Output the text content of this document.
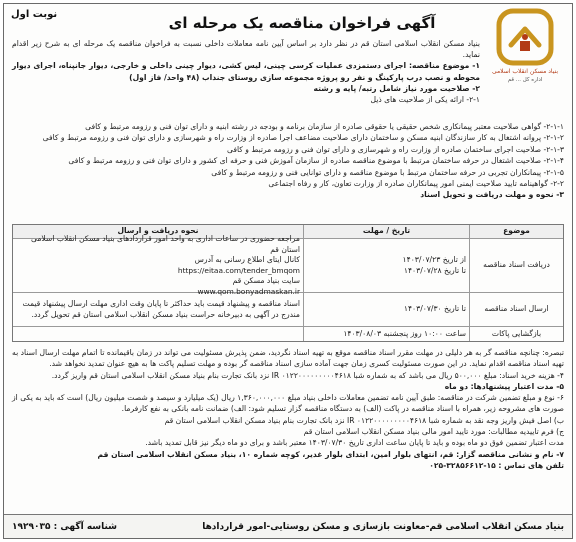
نوبت اول	آگهی فراخوان مناقصه یک مرحله ای
بنیاد مسکن انقلاب اسلامی
اداره کل ... قم

بنیاد مسکن انقلاب اسلامی استان قم در نظر دارد بر اساس آیین نامه معاملات داخلی نسبت به فراخوان مناقصه یک مرحله ای به شرح زیر اقدام نماید.

۱- موضوع مناقصه: اجرای دستمزدی عملیات کرسی چینی، لیس کشی، دیوار چینی داخلی و خارجی، دیوار جانپناه، اجرای دیوار محوطه و نصب درب پارکینگ و نفر رو پروژه مجموعه سازی روستای جنداب (۴۸ واحد/ فاز اول)

۲- صلاحیت مورد نیاز شامل رتبه/ پایه و رشته

۲-۱- ارائه یکی از صلاحیت های ذیل

۲-۱-۱- گواهی صلاحیت معتبر پیمانکاری شخص حقیقی یا حقوقی صادره از سازمان برنامه و بودجه در رشته ابنیه و دارای توان فنی و رزومه مرتبط و کافی

۲-۱-۲- پروانه اشتغال به کار سازندگان ابنیه مسکن و ساختمان دارای صلاحیت مضاعف اجرا صادره از وزارت راه و شهرسازی و دارای توان فنی و رزومه مرتبط و کافی

۲-۱-۳- صلاحیت اجرای ساختمان صادره از وزارت راه و شهرسازی و دارای توان فنی و رزومه مرتبط و کافی

۲-۱-۴- صلاحیت اشتغال در حرفه ساختمان مرتبط با موضوع مناقصه صادره از سازمان آموزش فنی و حرفه ای کشور و دارای توان فنی و رزومه مرتبط و کافی

۲-۱-۵- پیمانکاران تجربی در حرفه ساختمان مرتبط با موضوع مناقصه و دارای توانایی فنی و رزومه مرتبط و کافی

۲-۲- گواهینامه تایید صلاحیت ایمنی امور پیمانکاران صادره از وزارت تعاون، کار و رفاه اجتماعی

۳- نحوه و مهلت دریافت و تحویل اسناد

موضوع
تاریخ / مهلت
نحوه دریافت و ارسال
دریافت اسناد مناقصه
از تاریخ ۱۴۰۳/۰۷/۲۳
تا تاریخ ۱۴۰۳/۰۷/۲۸
مراجعه حضوری در ساعات اداری به واحد امور قراردادهای بنیاد مسکن انقلاب اسلامی استان قم
کانال ایتای اطلاع رسانی به آدرس
https://eitaa.com/tender_bmqom
سایت بنیاد مسکن قم
www.qom.bonyadmaskan.ir
ارسال اسناد مناقصه
تا تاریخ ۱۴۰۳/۰۷/۳۰
اسناد مناقصه و پیشنهاد قیمت باید حداکثر تا پایان وقت اداری مهلت ارسال پیشنهاد قیمت مندرج در آگهی به دبیرخانه حراست بنیاد مسکن انقلاب اسلامی استان قم تحویل گردد.
بازگشایی پاکات
ساعت ۱۰:۰۰ روز پنجشنبه ۱۴۰۳/۰۸/۰۳

تبصره: چنانچه مناقصه گر به هر دلیلی در مهلت مقرر اسناد مناقصه موقع به تهیه اسناد نگردید، ضمن پذیرش مسئولیت می تواند در زمان باقیمانده تا اتمام مهلت ارسال اسناد به تهیه اسناد مناقصه اقدام نماید. در این صورت مسئولیت کسری زمان جهت آماده سازی اسناد مناقصه گر بوده و مهلت تسلیم پاکت ها به هیچ عنوان تمدید نخواهد شد.

۴- هزینه خرید اسناد: مبلغ ۵۰۰,۰۰۰ ریال می باشد که به شماره شبا IR ۰۱۲۲۰۰۰۰۰۰۰۰۰۴۶۱۸ نزد بانک تجارت بنام بنیاد مسکن انقلاب اسلامی استان قم واریز گردد.

۵- مدت اعتبار پیشنهادها: دو ماه

۶- نوع و مبلغ تضمین شرکت در مناقصه: طبق آیین نامه تضمین معاملات داخلی بنیاد مبلغ ۱,۳۶۰,۰۰۰,۰۰۰ ریال (یک میلیارد و سیصد و شصت میلیون ریال) است که باید به یکی از صورت های مشروحه زیر، همراه با اسناد مناقصه در پاکت (الف) به دستگاه مناقصه گزار تسلیم شود: الف) ضمانت نامه بانکی به نفع کارفرما.

ب) اصل فیش واریز وجه نقد به شماره شبا IR ۰۱۲۲۰۰۰۰۰۰۰۰۰۴۶۱۸ نزد بانک تجارت بنام بنیاد مسکن انقلاب اسلامی استان قم

ج) فرم تاییدیه مطالبات: مورد تایید امور مالی بنیاد مسکن انقلاب اسلامی استان قم

مدت اعتبار تضمین فوق دو ماه بوده و باید تا پایان ساعت اداری تاریخ ۱۴۰۳/۰۷/۳۰ معتبر باشد و برای دو ماه دیگر نیز قابل تمدید باشد.

۷- نام و نشانی مناقصه گزار: قم، انتهای بلوار امین، ابتدای بلوار غدیر، کوچه شماره ۱۰، بنیاد مسکن انقلاب اسلامی استان قم

تلفن های تماس : ۰۲۵-۳۲۸۵۶۶۱۲-۱۵

بنیاد مسکن انقلاب اسلامی قم-معاونت بازسازی و مسکن روستایی-امور قراردادها
شناسه آگهی : ۱۹۲۹۰۳۵
